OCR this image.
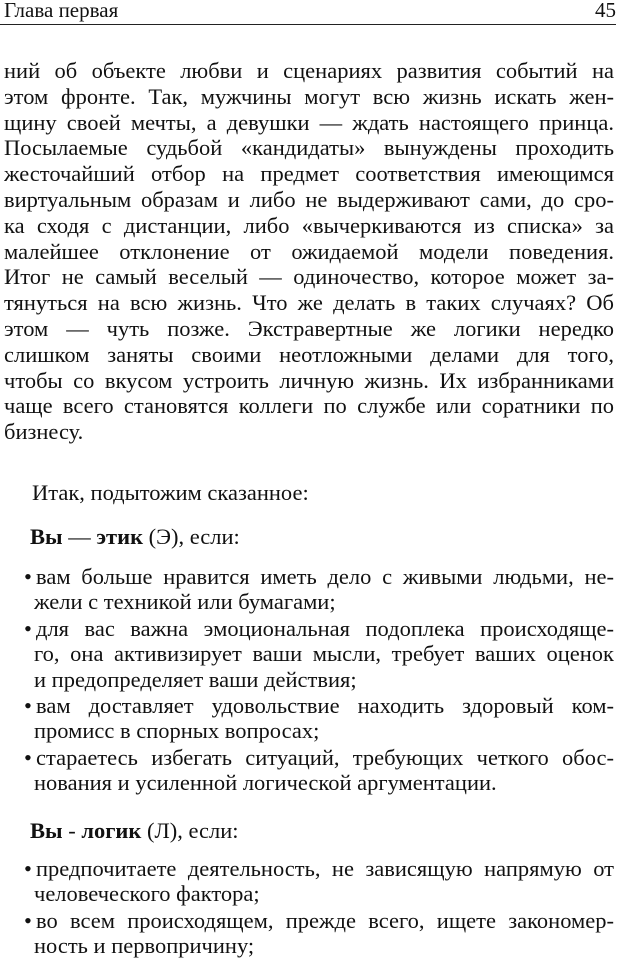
Глава первая	45
ний об объекте любви и сценариях развития событий на
этом фронте. Так, мужчины могут всю жизнь искать жен-
щину своей мечты, а девушки — ждать настоящего принца.
Посылаемые судьбой «кандидаты» вынуждены проходить
жесточайший отбор на предмет соответствия имеющимся
виртуальным образам и либо не выдерживают сами, до сро-
ка сходя с дистанции, либо «вычеркиваются из списка» за
малейшее отклонение от ожидаемой модели поведения.
Итог не самый веселый — одиночество, которое может за-
тянуться на всю жизнь. Что же делать в таких случаях? Об
этом — чуть позже. Экстравертные же логики нередко
слишком заняты своими неотложными делами для того,
чтобы со вкусом устроить личную жизнь. Их избранниками
чаще всего становятся коллеги по службе или соратники по
бизнесу.
Итак, подытожим сказанное:
Вы — этик (Э), если:
• вам больше нравится иметь дело с живыми людьми, не-
жели с техникой или бумагами;
• для вас важна эмоциональная подоплека происходяще-
го, она активизирует ваши мысли, требует ваших оценок
и предопределяет ваши действия;
• вам доставляет удовольствие находить здоровый ком-
промисс в спорных вопросах;
• стараетесь избегать ситуаций, требующих четкого обос-
нования и усиленной логической аргументации.
Вы - логик (Л), если:
• предпочитаете деятельность, не зависящую напрямую от
человеческого фактора;
• во всем происходящем, прежде всего, ищете закономер-
ность и первопричину;
